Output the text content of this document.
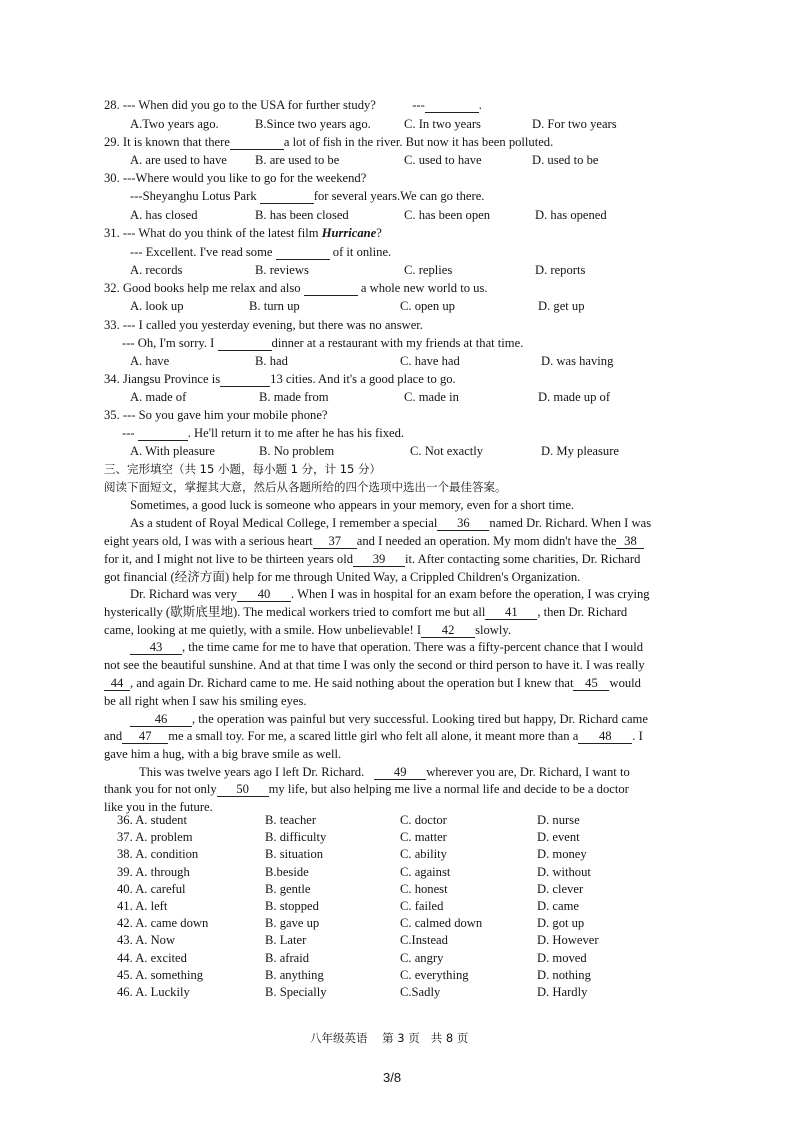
28. --- When did you go to the USA for further study?	---	.
A.Two years ago.	B.Since two years ago.	C. In two years	D. For two years
29. It is known that there	a lot of fish in the river. But now it has been polluted.
A. are used to have B. are used to be	C. used to have	D. used to be
30. ---Where would you like to go for the weekend?
---Sheyanghu Lotus Park	for several years.We can go there.
A. has closed	B. has been closed	C. has been open	D. has opened
31. --- What do you think of the latest film Hurricane?
--- Excellent. I've read some	of it online.
A. records	B. reviews	C. replies	D. reports
32. Good books help me relax and also	a whole new world to us.
A. look up	B. turn up	C. open up	D. get up
33. --- I called you yesterday evening, but there was no answer.
--- Oh, I'm sorry. I	dinner at a restaurant with my friends at that time.
A. have	B. had	C. have had	D. was having
34. Jiangsu Province is	13 cities. And it's a good place to go.
A. made of	B. made from	C. made in	D. made up of
35. --- So you gave him your mobile phone?
---	. He'll return it to me after he has his fixed.
A. With pleasure	B. No problem	C. Not exactly	D. My pleasure
三、完形填空（共 15 小题，每小题 1 分，计 15 分）
阅读下面短文，掌握其大意，然后从各题所给的四个选项中选出一个最佳答案。
Sometimes, a good luck is someone who appears in your memory, even for a short time.
As a student of Royal Medical College, I remember a special 36 named Dr. Richard. When I was
eight years old, I was with a serious heart 37 and I needed an operation. My mom didn't have the 38
for it, and I might not live to be thirteen years old 39 it. After contacting some charities, Dr. Richard
got financial (经济方面) help for me through United Way, a Crippled Children's Organization.
Dr. Richard was very 40 . When I was in hospital for an exam before the operation, I was crying
hysterically (歇斯底里地). The medical workers tried to comfort me but all 41 , then Dr. Richard
came, looking at me quietly, with a smile. How unbelievable! I 42 slowly.
43 , the time came for me to have that operation. There was a fifty-percent chance that I would
not see the beautiful sunshine. And at that time I was only the second or third person to have it. I was really
44 , and again Dr. Richard came to me. He said nothing about the operation but I knew that 45 would
be all right when I saw his smiling eyes.
46 , the operation was painful but very successful. Looking tired but happy, Dr. Richard came
and 47 me a small toy. For me, a scared little girl who felt all alone, it meant more than a 48 . I
gave him a hug, with a big brave smile as well.
This was twelve years ago I left Dr. Richard. 49 wherever you are, Dr. Richard, I want to
thank you for not only 50 my life, but also helping me live a normal life and decide to be a doctor
like you in the future.
36. A. student	B. teacher	C. doctor	D. nurse
37. A. problem	B. difficulty	C. matter	D. event
38. A. condition	B. situation	C. ability	D. money
39. A. through	B.beside	C. against	D. without
40. A. careful	B. gentle	C. honest	D. clever
41. A. left	B. stopped	C. failed	D. came
42. A. came down	B. gave up	C. calmed down	D. got up
43. A. Now	B. Later	C.Instead	D. However
44. A. excited	B. afraid	C. angry	D. moved
45. A. something	B. anything	C. everything	D. nothing
46. A. Luckily	B. Specially	C.Sadly	D. Hardly
八年级英语 第 3 页 共 8 页
3/8
